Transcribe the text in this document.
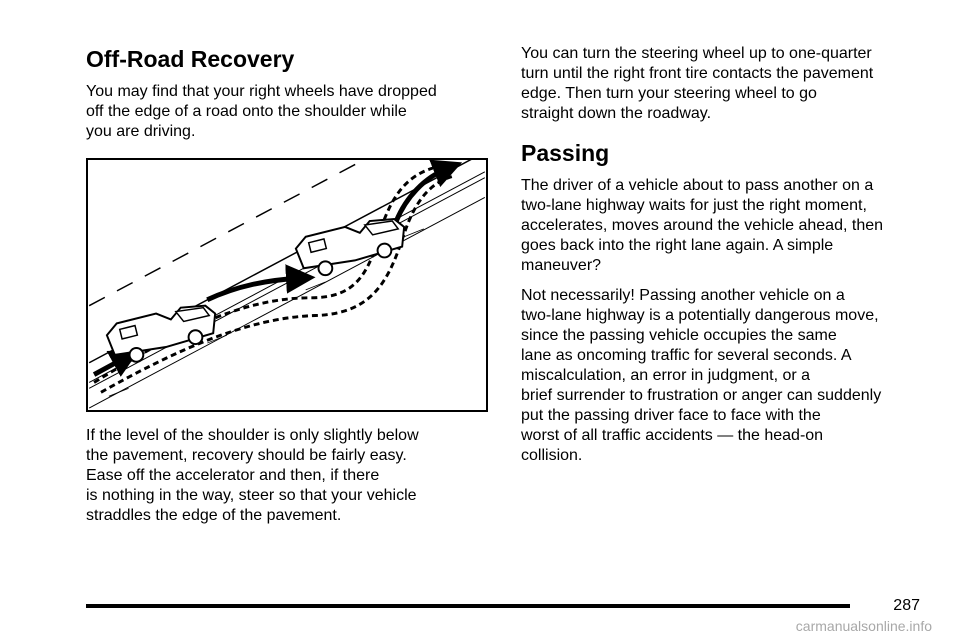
Off-Road Recovery

You may find that your right wheels have dropped
off the edge of a road onto the shoulder while
you are driving.

If the level of the shoulder is only slightly below
the pavement, recovery should be fairly easy.
Ease off the accelerator and then, if there
is nothing in the way, steer so that your vehicle
straddles the edge of the pavement.

You can turn the steering wheel up to one-quarter
turn until the right front tire contacts the pavement
edge. Then turn your steering wheel to go
straight down the roadway.

Passing

The driver of a vehicle about to pass another on a
two-lane highway waits for just the right moment,
accelerates, moves around the vehicle ahead, then
goes back into the right lane again. A simple
maneuver?

Not necessarily! Passing another vehicle on a
two-lane highway is a potentially dangerous move,
since the passing vehicle occupies the same
lane as oncoming traffic for several seconds. A
miscalculation, an error in judgment, or a
brief surrender to frustration or anger can suddenly
put the passing driver face to face with the
worst of all traffic accidents — the head-on
collision.

287
carmanualsonline.info
